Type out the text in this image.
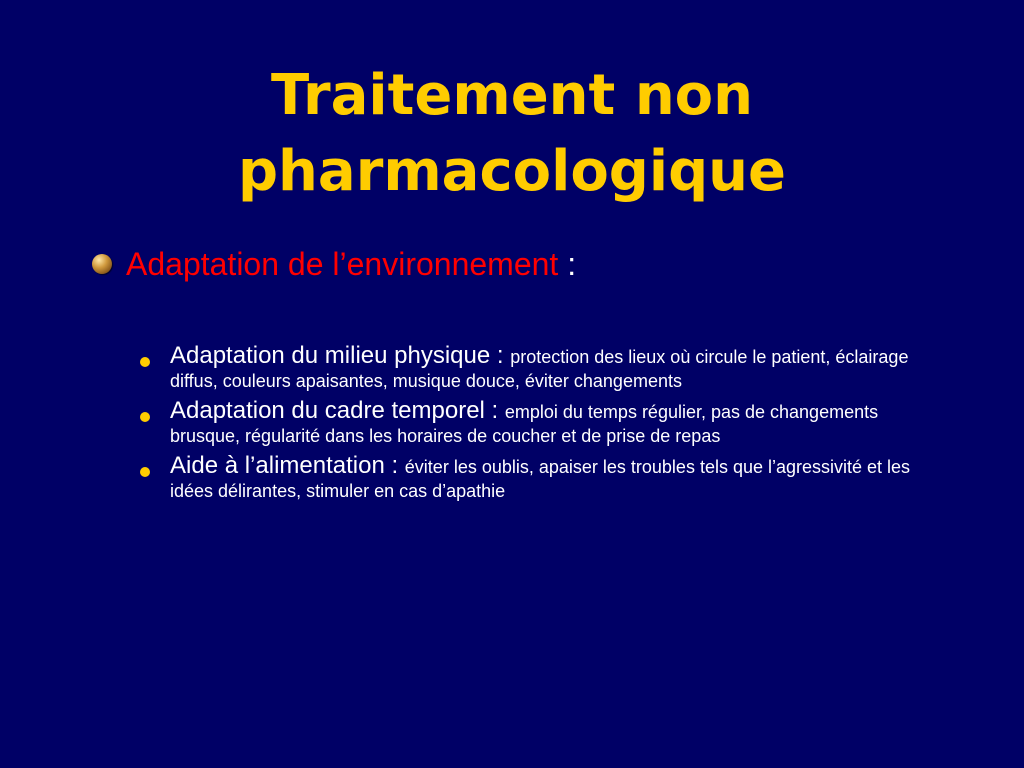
Traitement non
pharmacologique
Adaptation de l’environnement :
Adaptation du milieu physique : protection des lieux où circule le patient, éclairage diffus, couleurs apaisantes, musique douce, éviter changements
Adaptation du cadre temporel : emploi du temps régulier, pas de changements brusque, régularité dans les horaires de coucher et de prise de repas
Aide à l’alimentation : éviter les oublis, apaiser les troubles tels que l’agressivité et les idées délirantes, stimuler en cas d’apathie
